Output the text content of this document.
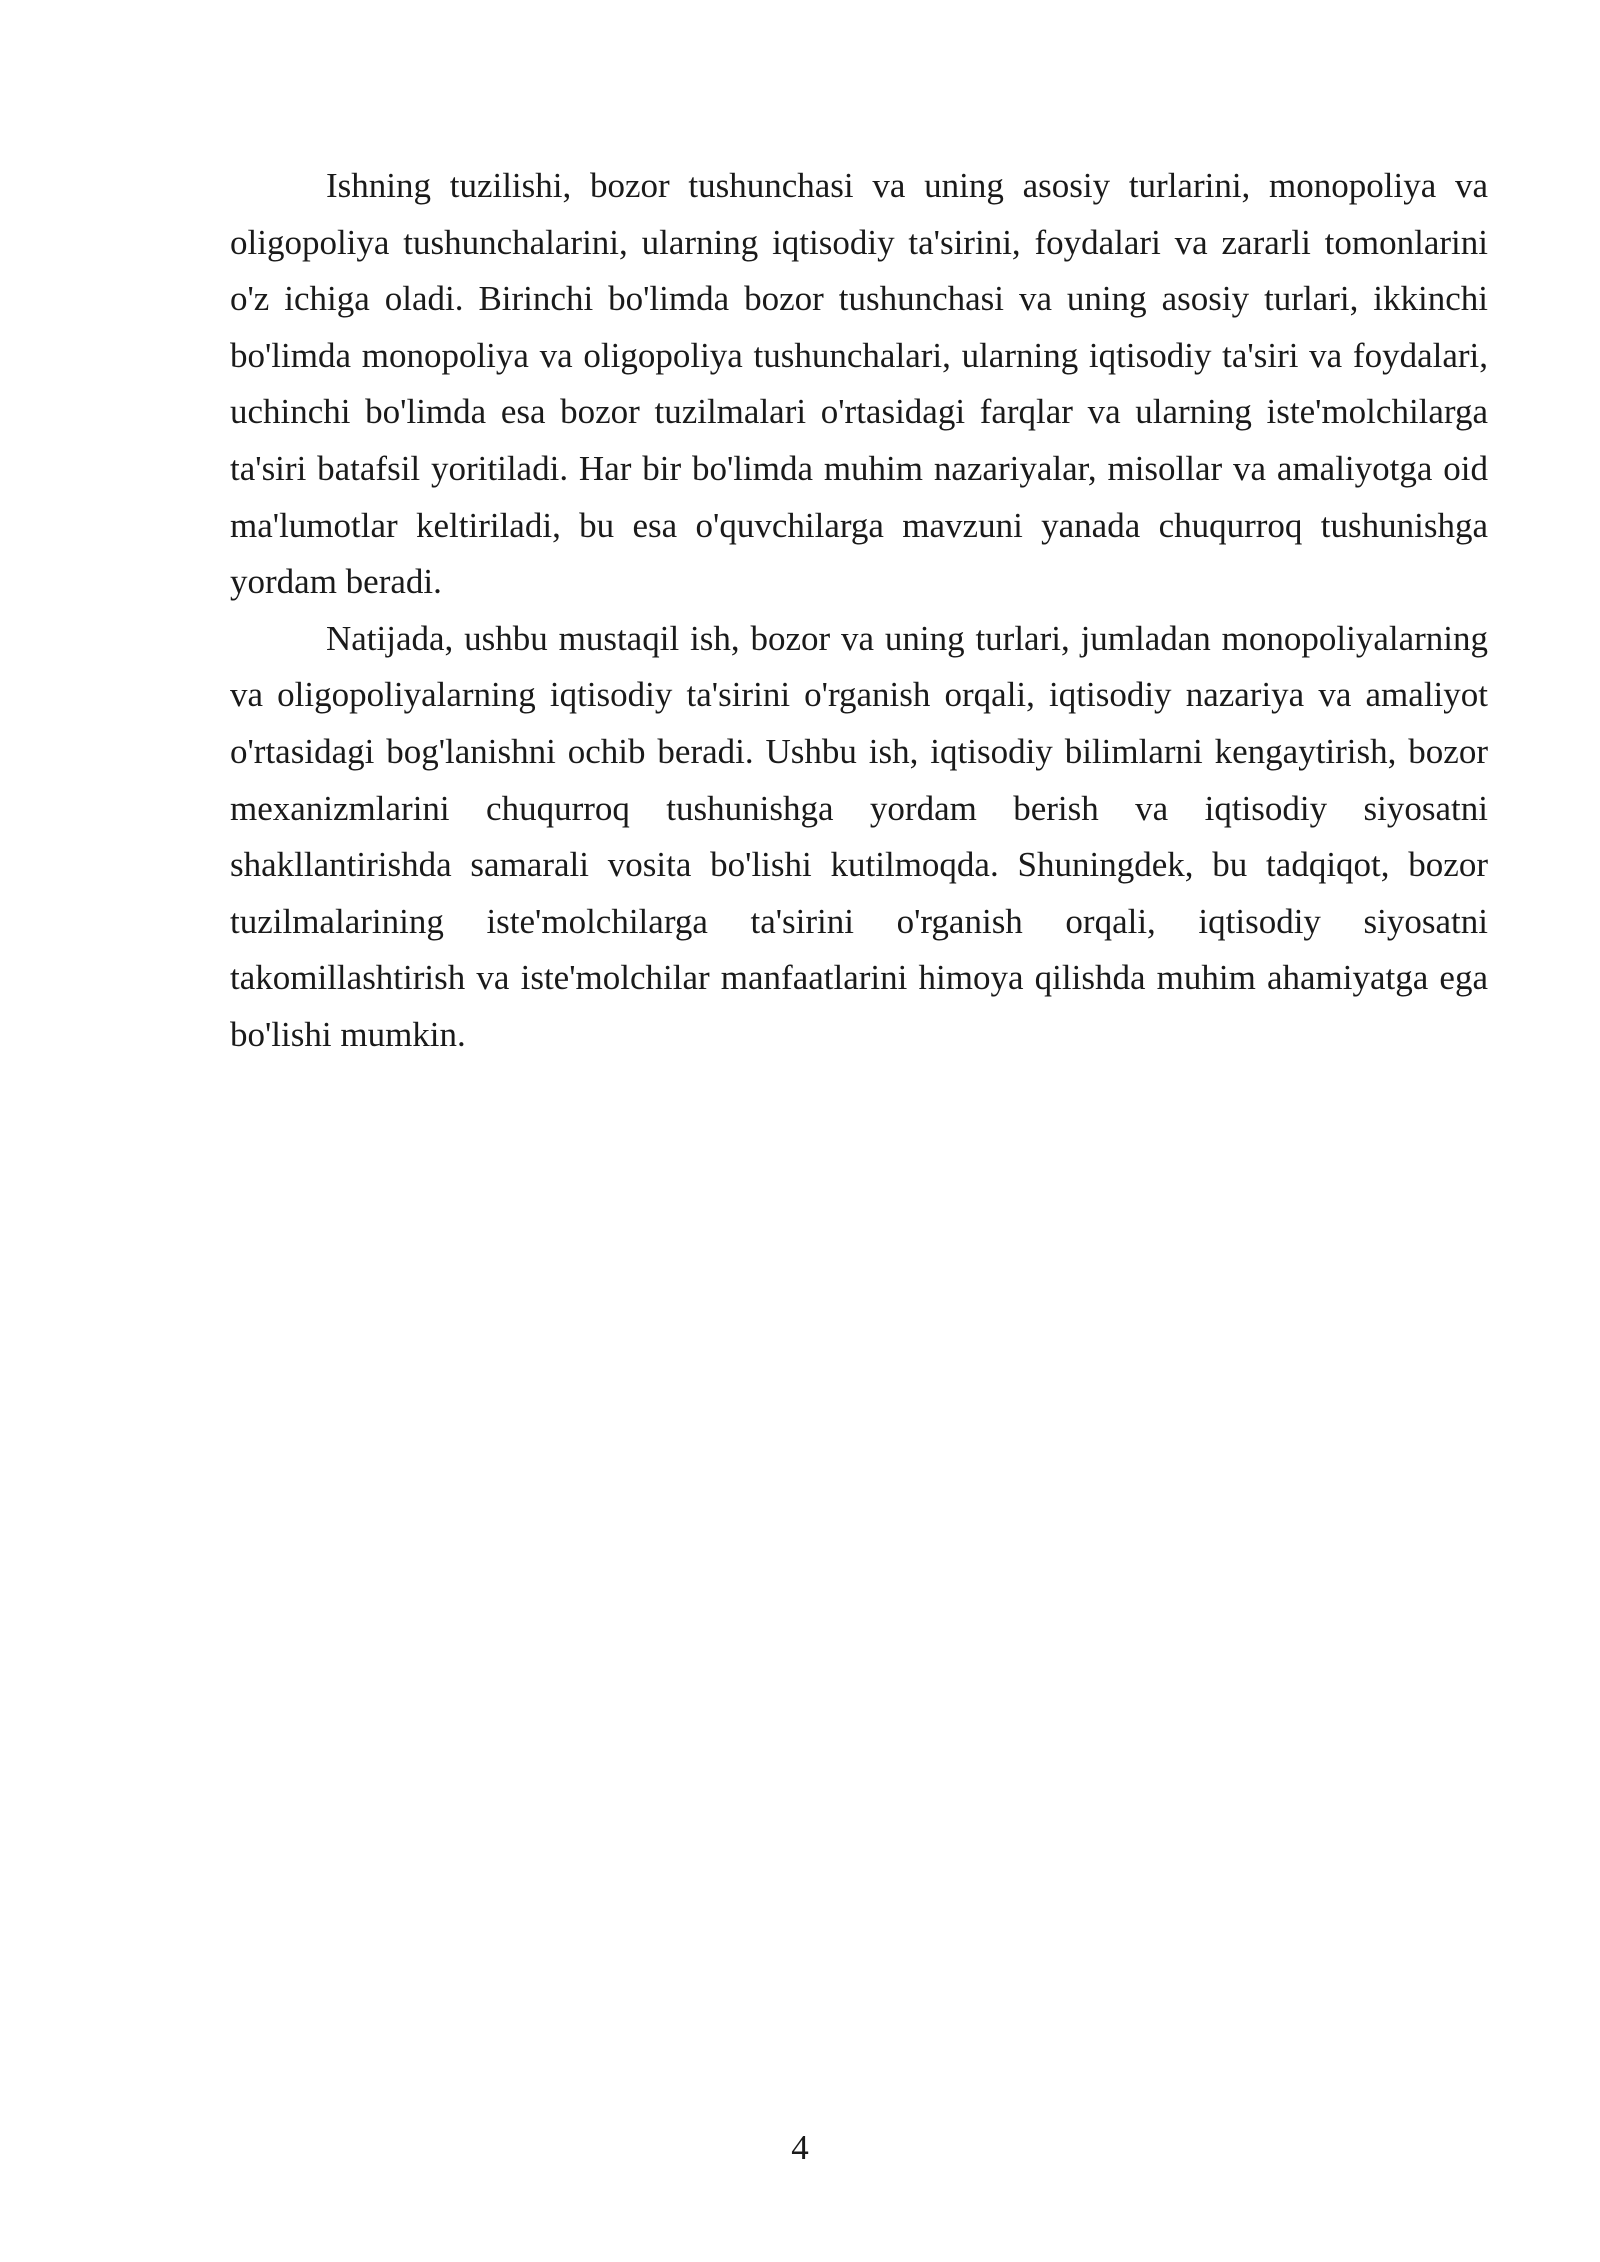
Ishning tuzilishi, bozor tushunchasi va uning asosiy turlarini, monopoliya va oligopoliya tushunchalarini, ularning iqtisodiy ta'sirini, foydalari va zararli tomonlarini o'z ichiga oladi. Birinchi bo'limda bozor tushunchasi va uning asosiy turlari, ikkinchi bo'limda monopoliya va oligopoliya tushunchalari, ularning iqtisodiy ta'siri va foydalari, uchinchi bo'limda esa bozor tuzilmalari o'rtasidagi farqlar va ularning iste'molchilarga ta'siri batafsil yoritiladi. Har bir bo'limda muhim nazariyalar, misollar va amaliyotga oid ma'lumotlar keltiriladi, bu esa o'quvchilarga mavzuni yanada chuqurroq tushunishga yordam beradi.

Natijada, ushbu mustaqil ish, bozor va uning turlari, jumladan monopoliyalarning va oligopoliyalarning iqtisodiy ta'sirini o'rganish orqali, iqtisodiy nazariya va amaliyot o'rtasidagi bog'lanishni ochib beradi. Ushbu ish, iqtisodiy bilimlarni kengaytirish, bozor mexanizmlarini chuqurroq tushunishga yordam berish va iqtisodiy siyosatni shakllantirishda samarali vosita bo'lishi kutilmoqda. Shuningdek, bu tadqiqot, bozor tuzilmalarining iste'molchilarga ta'sirini o'rganish orqali, iqtisodiy siyosatni takomillashtirish va iste'molchilar manfaatlarini himoya qilishda muhim ahamiyatga ega bo'lishi mumkin.

4
